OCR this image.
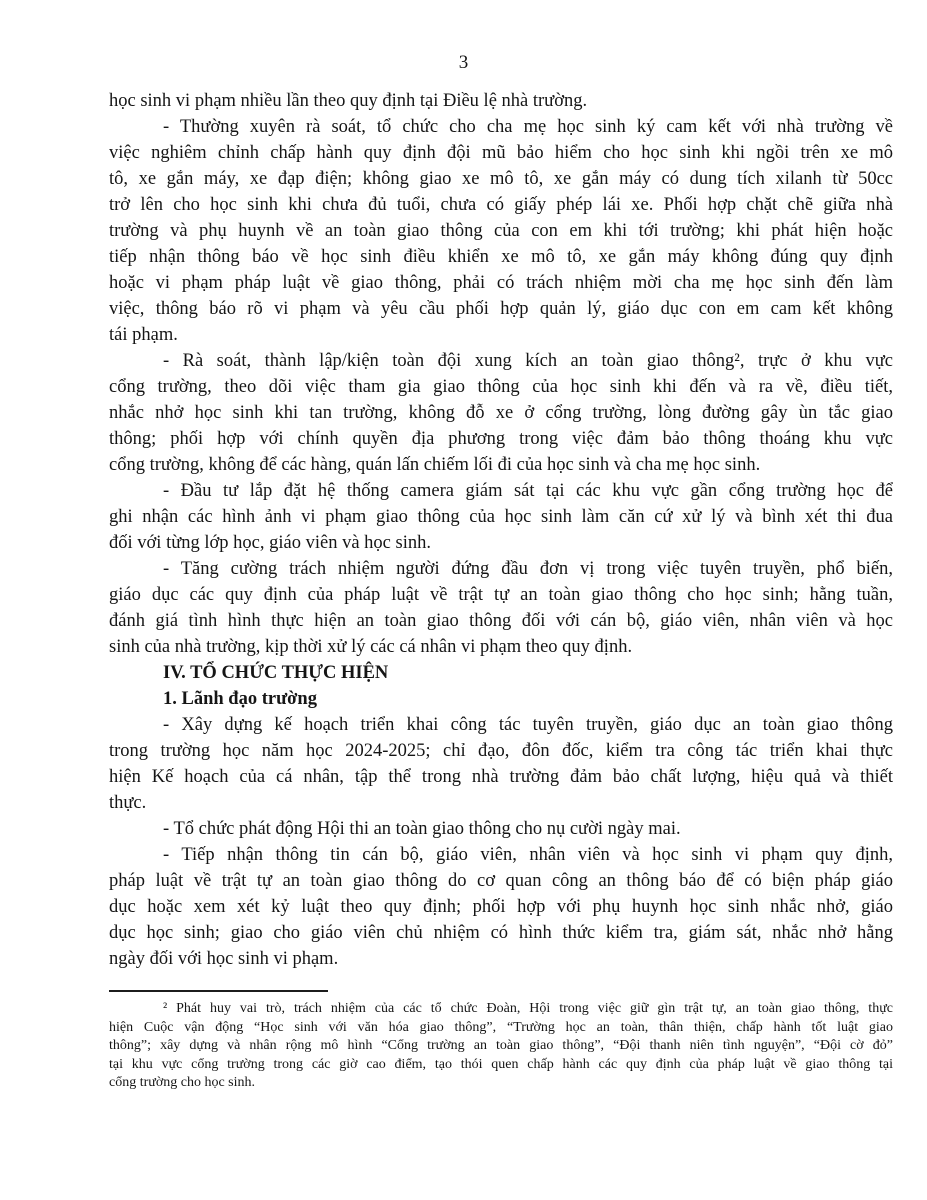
3
học sinh vi phạm nhiều lần theo quy định tại Điều lệ nhà trường.
- Thường xuyên rà soát, tổ chức cho cha mẹ học sinh ký cam kết với nhà trường về
việc nghiêm chỉnh chấp hành quy định đội mũ bảo hiểm cho học sinh khi ngồi trên xe mô
tô, xe gắn máy, xe đạp điện; không giao xe mô tô, xe gắn máy có dung tích xilanh từ 50cc
trở lên cho học sinh khi chưa đủ tuổi, chưa có giấy phép lái xe. Phối hợp chặt chẽ giữa nhà
trường và phụ huynh về an toàn giao thông của con em khi tới trường; khi phát hiện hoặc
tiếp nhận thông báo về học sinh điều khiển xe mô tô, xe gắn máy không đúng quy định
hoặc vi phạm pháp luật về giao thông, phải có trách nhiệm mời cha mẹ học sinh đến làm
việc, thông báo rõ vi phạm và yêu cầu phối hợp quản lý, giáo dục con em cam kết không
tái phạm.
- Rà soát, thành lập/kiện toàn đội xung kích an toàn giao thông², trực ở khu vực
cổng trường, theo dõi việc tham gia giao thông của học sinh khi đến và ra về, điều tiết,
nhắc nhở học sinh khi tan trường, không đỗ xe ở cổng trường, lòng đường gây ùn tắc giao
thông; phối hợp với chính quyền địa phương trong việc đảm bảo thông thoáng khu vực
cổng trường, không để các hàng, quán lấn chiếm lối đi của học sinh và cha mẹ học sinh.
- Đầu tư lắp đặt hệ thống camera giám sát tại các khu vực gần cổng trường học để
ghi nhận các hình ảnh vi phạm giao thông của học sinh làm căn cứ xử lý và bình xét thi đua
đối với từng lớp học, giáo viên và học sinh.
- Tăng cường trách nhiệm người đứng đầu đơn vị trong việc tuyên truyền, phổ biến,
giáo dục các quy định của pháp luật về trật tự an toàn giao thông cho học sinh; hằng tuần,
đánh giá tình hình thực hiện an toàn giao thông đối với cán bộ, giáo viên, nhân viên và học
sinh của nhà trường, kịp thời xử lý các cá nhân vi phạm theo quy định.
IV. TỔ CHỨC THỰC HIỆN
1. Lãnh đạo trường
- Xây dựng kế hoạch triển khai công tác tuyên truyền, giáo dục an toàn giao thông
trong trường học năm học 2024-2025; chỉ đạo, đôn đốc, kiểm tra công tác triển khai thực
hiện Kế hoạch của cá nhân, tập thể trong nhà trường đảm bảo chất lượng, hiệu quả và thiết
thực.
- Tổ chức phát động Hội thi an toàn giao thông cho nụ cười ngày mai.
- Tiếp nhận thông tin cán bộ, giáo viên, nhân viên và học sinh vi phạm quy định,
pháp luật về trật tự an toàn giao thông do cơ quan công an thông báo để có biện pháp giáo
dục hoặc xem xét kỷ luật theo quy định; phối hợp với phụ huynh học sinh nhắc nhở, giáo
dục học sinh; giao cho giáo viên chủ nhiệm có hình thức kiểm tra, giám sát, nhắc nhở hằng
ngày đối với học sinh vi phạm.
² Phát huy vai trò, trách nhiệm của các tổ chức Đoàn, Hội trong việc giữ gìn trật tự, an toàn giao thông, thực
hiện Cuộc vận động “Học sinh với văn hóa giao thông”, “Trường học an toàn, thân thiện, chấp hành tốt luật giao
thông”; xây dựng và nhân rộng mô hình “Cổng trường an toàn giao thông”, “Đội thanh niên tình nguyện”, “Đội cờ đỏ”
tại khu vực cổng trường trong các giờ cao điểm, tạo thói quen chấp hành các quy định của pháp luật về giao thông tại
cổng trường cho học sinh.
